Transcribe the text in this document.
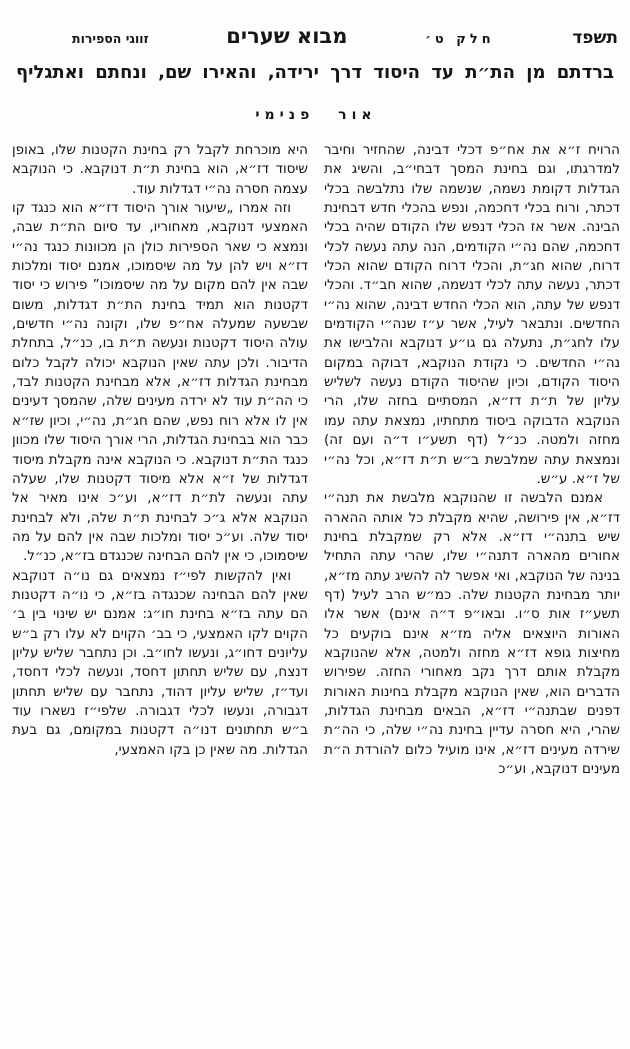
תשפד
חלק ט׳
מבוא שערים
זווגי הספירות
ברדתם מן הת״ת עד היסוד דרך ירידה, והאירו שם, ונחתם ואתגליף
אור פנימי

הרויח ז״א את אח״פ דכלי דבינה, שהחזיר וחיבר למדרגתו, וגם בחינת המסך דבחי״ב, והשיג את הגדלות דקומת נשמה, שנשמה שלו נתלבשה בכלי דכתר, ורוח בכלי דחכמה, ונפש בהכלי חדש דבחינת הבינה. אשר אז הכלי דנפש שלו הקודם שהיה בכלי דחכמה, שהם נה״י הקודמים, הנה עתה נעשה לכלי דרוח, שהוא חג״ת, והכלי דרוח הקודם שהוא הכלי דכתר, נעשה עתה לכלי דנשמה, שהוא חב״ד. והכלי דנפש של עתה, הוא הכלי החדש דבינה, שהוא נה״י החדשים. ונתבאר לעיל, אשר ע״ז שנה״י הקודמים עלו לחג״ת, נתעלה גם גו״ע דנוקבא והלבישו את נה״י החדשים. כי נקודת הנוקבא, דבוקה במקום היסוד הקודם, וכיון שהיסוד הקודם נעשה לשליש עליון של ת״ת דז״א, המסתיים בחזה שלו, הרי הנוקבא הדבוקה ביסוד מתחתיו, נמצאת עתה עמו מחזה ולמטה. כנ״ל (דף תשע״ו ד״ה ועם זה) ונמצאת עתה שמלבשת ב״ש ת״ת דז״א, וכל נה״י של ז״א. ע״ש.

אמנם הלבשה זו שהנוקבא מלבשת את תנה״י דז״א, אין פירושה, שהיא מקבלת כל אותה ההארה שיש בתנה״י דז״א. אלא רק שמקבלת בחינת אחורים מהארה דתנה״י שלו, שהרי עתה התחיל בנינה של הנוקבא, ואי אפשר לה להשיג עתה מז״א, יותר מבחינת הקטנות שלה. כמ״ש הרב לעיל (דף תשע״ז אות ס״ו. ובאו״פ ד״ה אינם) אשר אלו האורות היוצאים אליה מז״א אינם בוקעים כל מחיצות גופא דז״א מחזה ולמטה, אלא שהנוקבא מקבלת אותם דרך נקב מאחורי החזה. שפירוש הדברים הוא, שאין הנוקבא מקבלת בחינות האורות דפנים שבתנה״י דז״א, הבאים מבחינת הגדלות, שהרי, היא חסרה עדיין בחינת נה״י שלה, כי הה״ת שירדה מעינים דז״א, אינו מועיל כלום להורדת ה״ת מעינים דנוקבא, וע״כ

היא מוכרחת לקבל רק בחינת הקטנות שלו, באופן שיסוד דז״א, הוא בחינת ת״ת דנוקבא. כי הנוקבא עצמה חסרה נה״י דגדלות עוד.

וזה אמרו „שיעור אורך היסוד דז״א הוא כנגד קו האמצעי דנוקבא, מאחוריו, עד סיום הת״ת שבה, ונמצא כי שאר הספירות כולן הן מכוונות כנגד נה״י דז״א ויש להן על מה שיסמוכו, אמנם יסוד ומלכות שבה אין להם מקום על מה שיסמוכו” פירוש כי יסוד דקטנות הוא תמיד בחינת הת״ת דגדלות, משום שבשעה שמעלה אח״פ שלו, וקונה נה״י חדשים, עולה היסוד דקטנות ונעשה ת״ת בו, כנ״ל, בתחלת הדיבור. ולכן עתה שאין הנוקבא יכולה לקבל כלום מבחינת הגדלות דז״א, אלא מבחינת הקטנות לבד, כי הה״ת עוד לא ירדה מעינים שלה, שהמסך דעינים אין לו אלא רוח נפש, שהם חג״ת, נה״י, וכיון שז״א כבר הוא בבחינת הגדלות, הרי אורך היסוד שלו מכוון כנגד הת״ת דנוקבא. כי הנוקבא אינה מקבלת מיסוד דגדלות של ז״א אלא מיסוד דקטנות שלו, שעלה עתה ונעשה לת״ת דז״א, וע״כ אינו מאיר אל הנוקבא אלא ג״כ לבחינת ת״ת שלה, ולא לבחינת יסוד שלה. וע״כ יסוד ומלכות שבה אין להם על מה שיסמוכו, כי אין להם הבחינה שכנגדם בז״א, כנ״ל.

ואין להקשות לפי״ז נמצאים גם נו״ה דנוקבא שאין להם הבחינה שכנגדה בז״א, כי נו״ה דקטנות הם עתה בז״א בחינת חו״ג: אמנם יש שינוי בין ב׳ הקוים לקו האמצעי, כי בב׳ הקוים לא עלו רק ב״ש עליונים דחו״ג, ונעשו לחו״ב. וכן נתחבר שליש עליון דנצח, עם שליש תחתון דחסד, ונעשה לכלי דחסד, ועד״ז, שליש עליון דהוד, נתחבר עם שליש תחתון דגבורה, ונעשו לכלי דגבורה. שלפי״ז נשארו עוד ב״ש תחתונים דנו״ה דקטנות במקומם, גם בעת הגדלות. מה שאין כן בקו האמצעי,
